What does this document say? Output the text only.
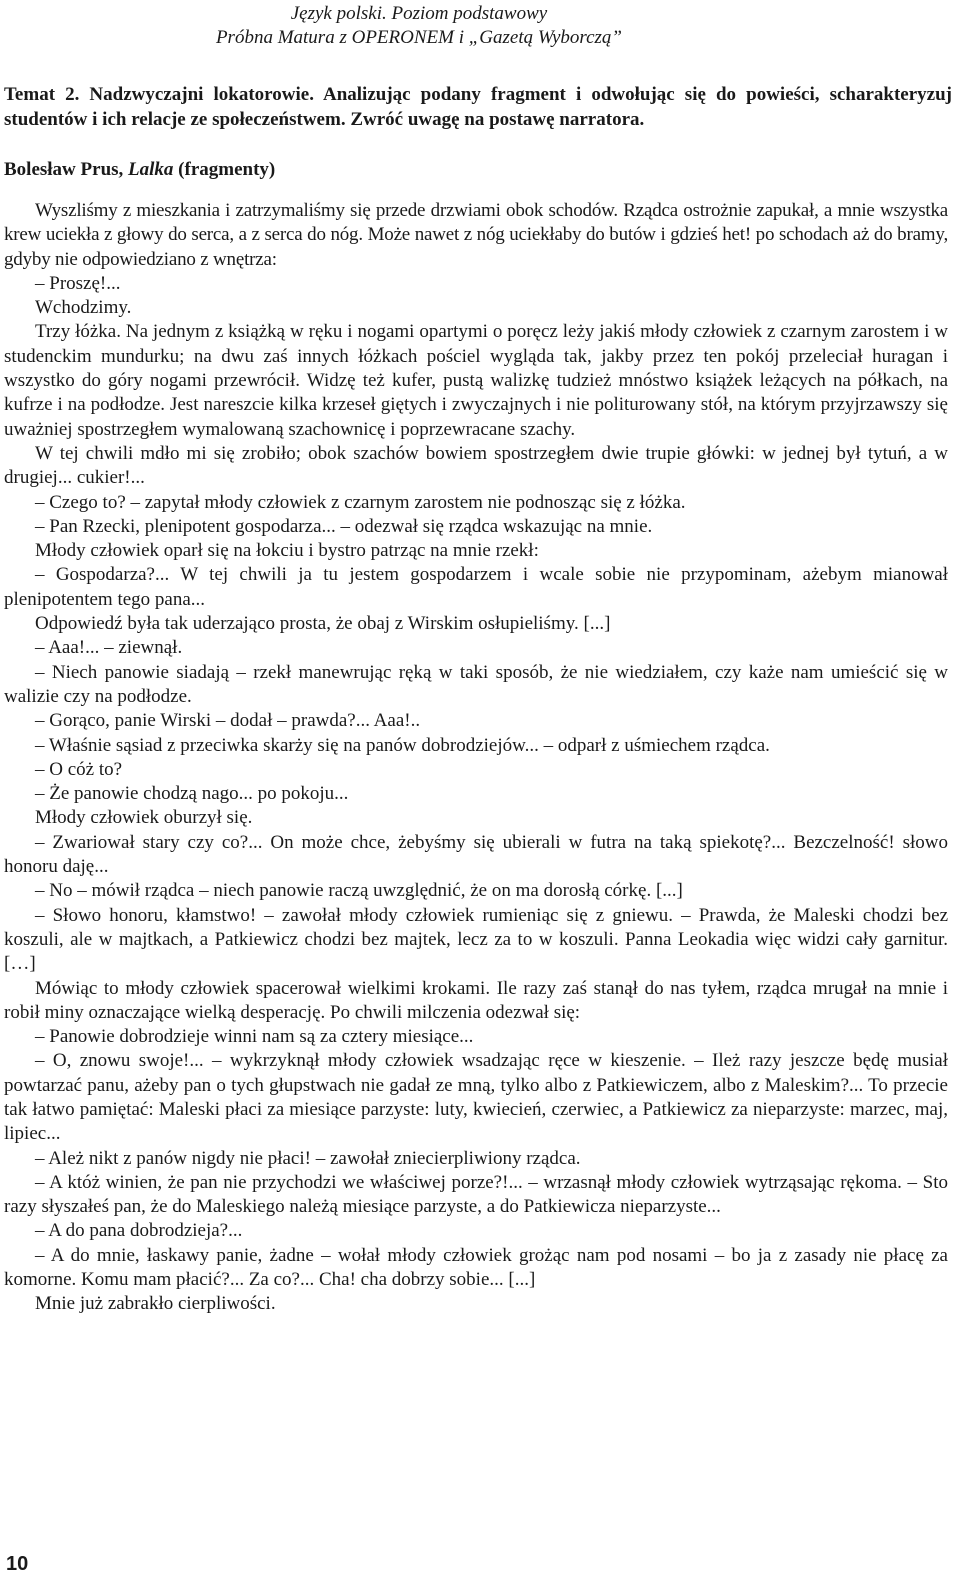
Język polski. Poziom podstawowy
Próbna Matura z OPERONEM i „Gazetą Wyborczą”
Temat 2. Nadzwyczajni lokatorowie. Analizując podany fragment i odwołując się do powieści, scharakteryzuj studentów i ich relacje ze społeczeństwem. Zwróć uwagę na postawę narratora.
Bolesław Prus, Lalka (fragmenty)

Wyszliśmy z mieszkania i zatrzymaliśmy się przede drzwiami obok schodów. Rządca ostrożnie zapukał, a mnie wszystka krew uciekła z głowy do serca, a z serca do nóg. Może nawet z nóg uciekłaby do butów i gdzieś het! po schodach aż do bramy, gdyby nie odpowiedziano z wnętrza:

– Proszę!...

Wchodzimy.

Trzy łóżka. Na jednym z książką w ręku i nogami opartymi o poręcz leży jakiś młody człowiek z czarnym zarostem i w studenckim mundurku; na dwu zaś innych łóżkach pościel wygląda tak, jakby przez ten pokój przeleciał huragan i wszystko do góry nogami przewrócił. Widzę też kufer, pustą walizkę tudzież mnóstwo książek leżących na półkach, na kufrze i na podłodze. Jest nareszcie kilka krzeseł giętych i zwyczajnych i nie politurowany stół, na którym przyjrzawszy się uważniej spostrzegłem wymalowaną szachownicę i poprzewracane szachy.

W tej chwili mdło mi się zrobiło; obok szachów bowiem spostrzegłem dwie trupie główki: w jednej był tytuń, a w drugiej... cukier!...

– Czego to? – zapytał młody człowiek z czarnym zarostem nie podnosząc się z łóżka.

– Pan Rzecki, plenipotent gospodarza... – odezwał się rządca wskazując na mnie.

Młody człowiek oparł się na łokciu i bystro patrząc na mnie rzekł:

– Gospodarza?... W tej chwili ja tu jestem gospodarzem i wcale sobie nie przypominam, ażebym mianował plenipotentem tego pana...

Odpowiedź była tak uderzająco prosta, że obaj z Wirskim osłupieliśmy. [...]

– Aaa!... – ziewnął.

– Niech panowie siadają – rzekł manewrując ręką w taki sposób, że nie wiedziałem, czy każe nam umieścić się w walizie czy na podłodze.

– Gorąco, panie Wirski – dodał – prawda?... Aaa!..

– Właśnie sąsiad z przeciwka skarży się na panów dobrodziejów... – odparł z uśmiechem rządca.

– O cóż to?

– Że panowie chodzą nago... po pokoju...

Młody człowiek oburzył się.

– Zwariował stary czy co?... On może chce, żebyśmy się ubierali w futra na taką spiekotę?... Bezczelność! słowo honoru daję...

– No – mówił rządca – niech panowie raczą uwzględnić, że on ma dorosłą córkę. [...]

– Słowo honoru, kłamstwo! – zawołał młody człowiek rumieniąc się z gniewu. – Prawda, że Maleski chodzi bez koszuli, ale w majtkach, a Patkiewicz chodzi bez majtek, lecz za to w koszuli. Panna Leokadia więc widzi cały garnitur. […]

Mówiąc to młody człowiek spacerował wielkimi krokami. Ile razy zaś stanął do nas tyłem, rządca mrugał na mnie i robił miny oznaczające wielką desperację. Po chwili milczenia odezwał się:

– Panowie dobrodzieje winni nam są za cztery miesiące...

– O, znowu swoje!... – wykrzyknął młody człowiek wsadzając ręce w kieszenie. – Ileż razy jeszcze będę musiał powtarzać panu, ażeby pan o tych głupstwach nie gadał ze mną, tylko albo z Patkiewiczem, albo z Maleskim?... To przecie tak łatwo pamiętać: Maleski płaci za miesiące parzyste: luty, kwiecień, czerwiec, a Patkiewicz za nieparzyste: marzec, maj, lipiec...

– Ależ nikt z panów nigdy nie płaci! – zawołał zniecierpliwiony rządca.

– A któż winien, że pan nie przychodzi we właściwej porze?!... – wrzasnął młody człowiek wytrząsając rękoma. – Sto razy słyszałeś pan, że do Maleskiego należą miesiące parzyste, a do Patkiewicza nieparzyste...

– A do pana dobrodzieja?...

– A do mnie, łaskawy panie, żadne – wołał młody człowiek grożąc nam pod nosami – bo ja z zasady nie płacę za komorne. Komu mam płacić?... Za co?... Cha! cha dobrzy sobie... [...]

Mnie już zabrakło cierpliwości.

10
